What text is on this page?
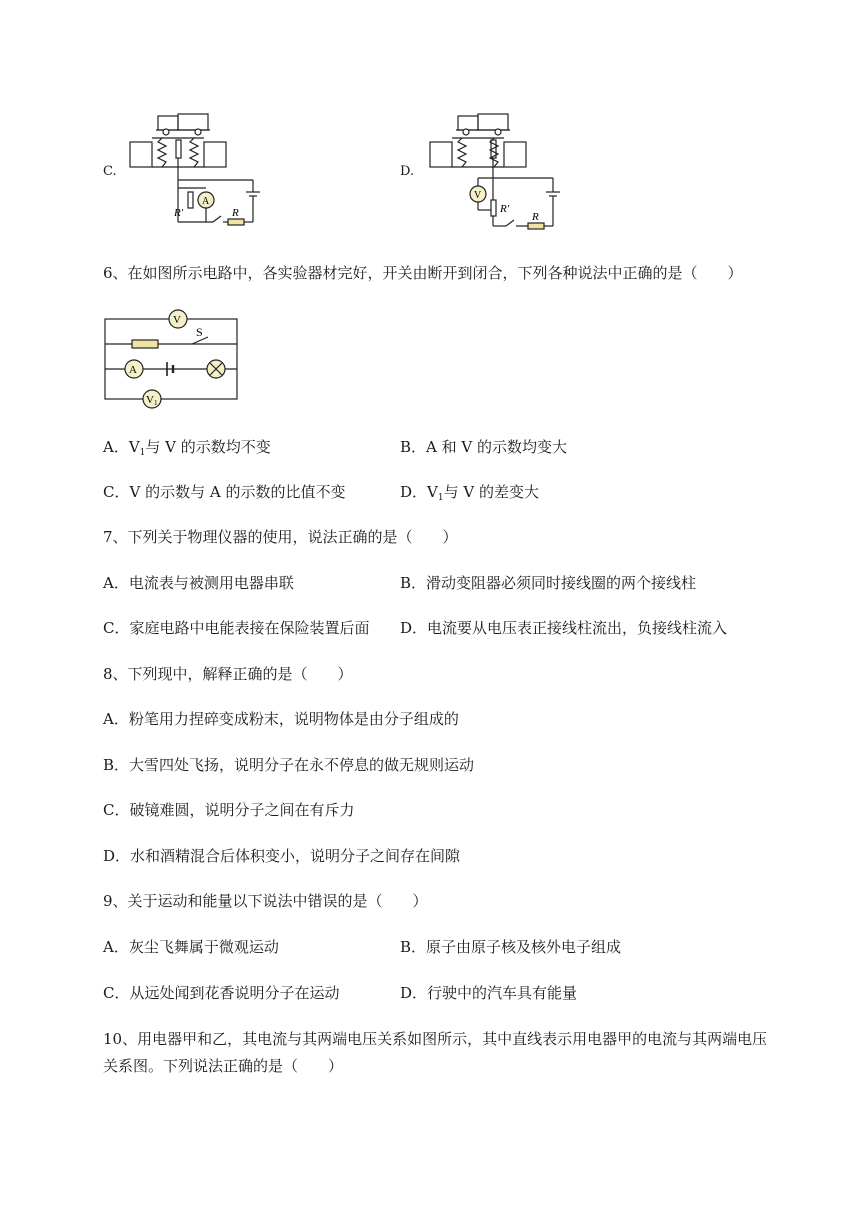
C.
A
R'	R
D.
V
R'
R
6、在如图所示电路中，各实验器材完好，开关由断开到闭合，下列各种说法中正确的是（　　）
V
S
A
V1
A．$V_1$与 V 的示数均不变	B．A 和 V 的示数均变大
C．V 的示数与 A 的示数的比值不变	D．$V_1$与 V 的差变大
7、下列关于物理仪器的使用，说法正确的是（　　）
A．电流表与被测用电器串联	B．滑动变阻器必须同时接线圈的两个接线柱
C．家庭电路中电能表接在保险装置后面 D．电流要从电压表正接线柱流出，负接线柱流入
8、下列现中，解释正确的是（　　）
A．粉笔用力捏碎变成粉末，说明物体是由分子组成的
B．大雪四处飞扬，说明分子在永不停息的做无规则运动
C．破镜难圆，说明分子之间在有斥力
D．水和酒精混合后体积变小，说明分子之间存在间隙
9、关于运动和能量以下说法中错误的是（　　）
A．灰尘飞舞属于微观运动	B．原子由原子核及核外电子组成
C．从远处闻到花香说明分子在运动	D．行驶中的汽车具有能量
10、用电器甲和乙，其电流与其两端电压关系如图所示，其中直线表示用电器甲的电流与其两端电压
关系图。下列说法正确的是（　　）
